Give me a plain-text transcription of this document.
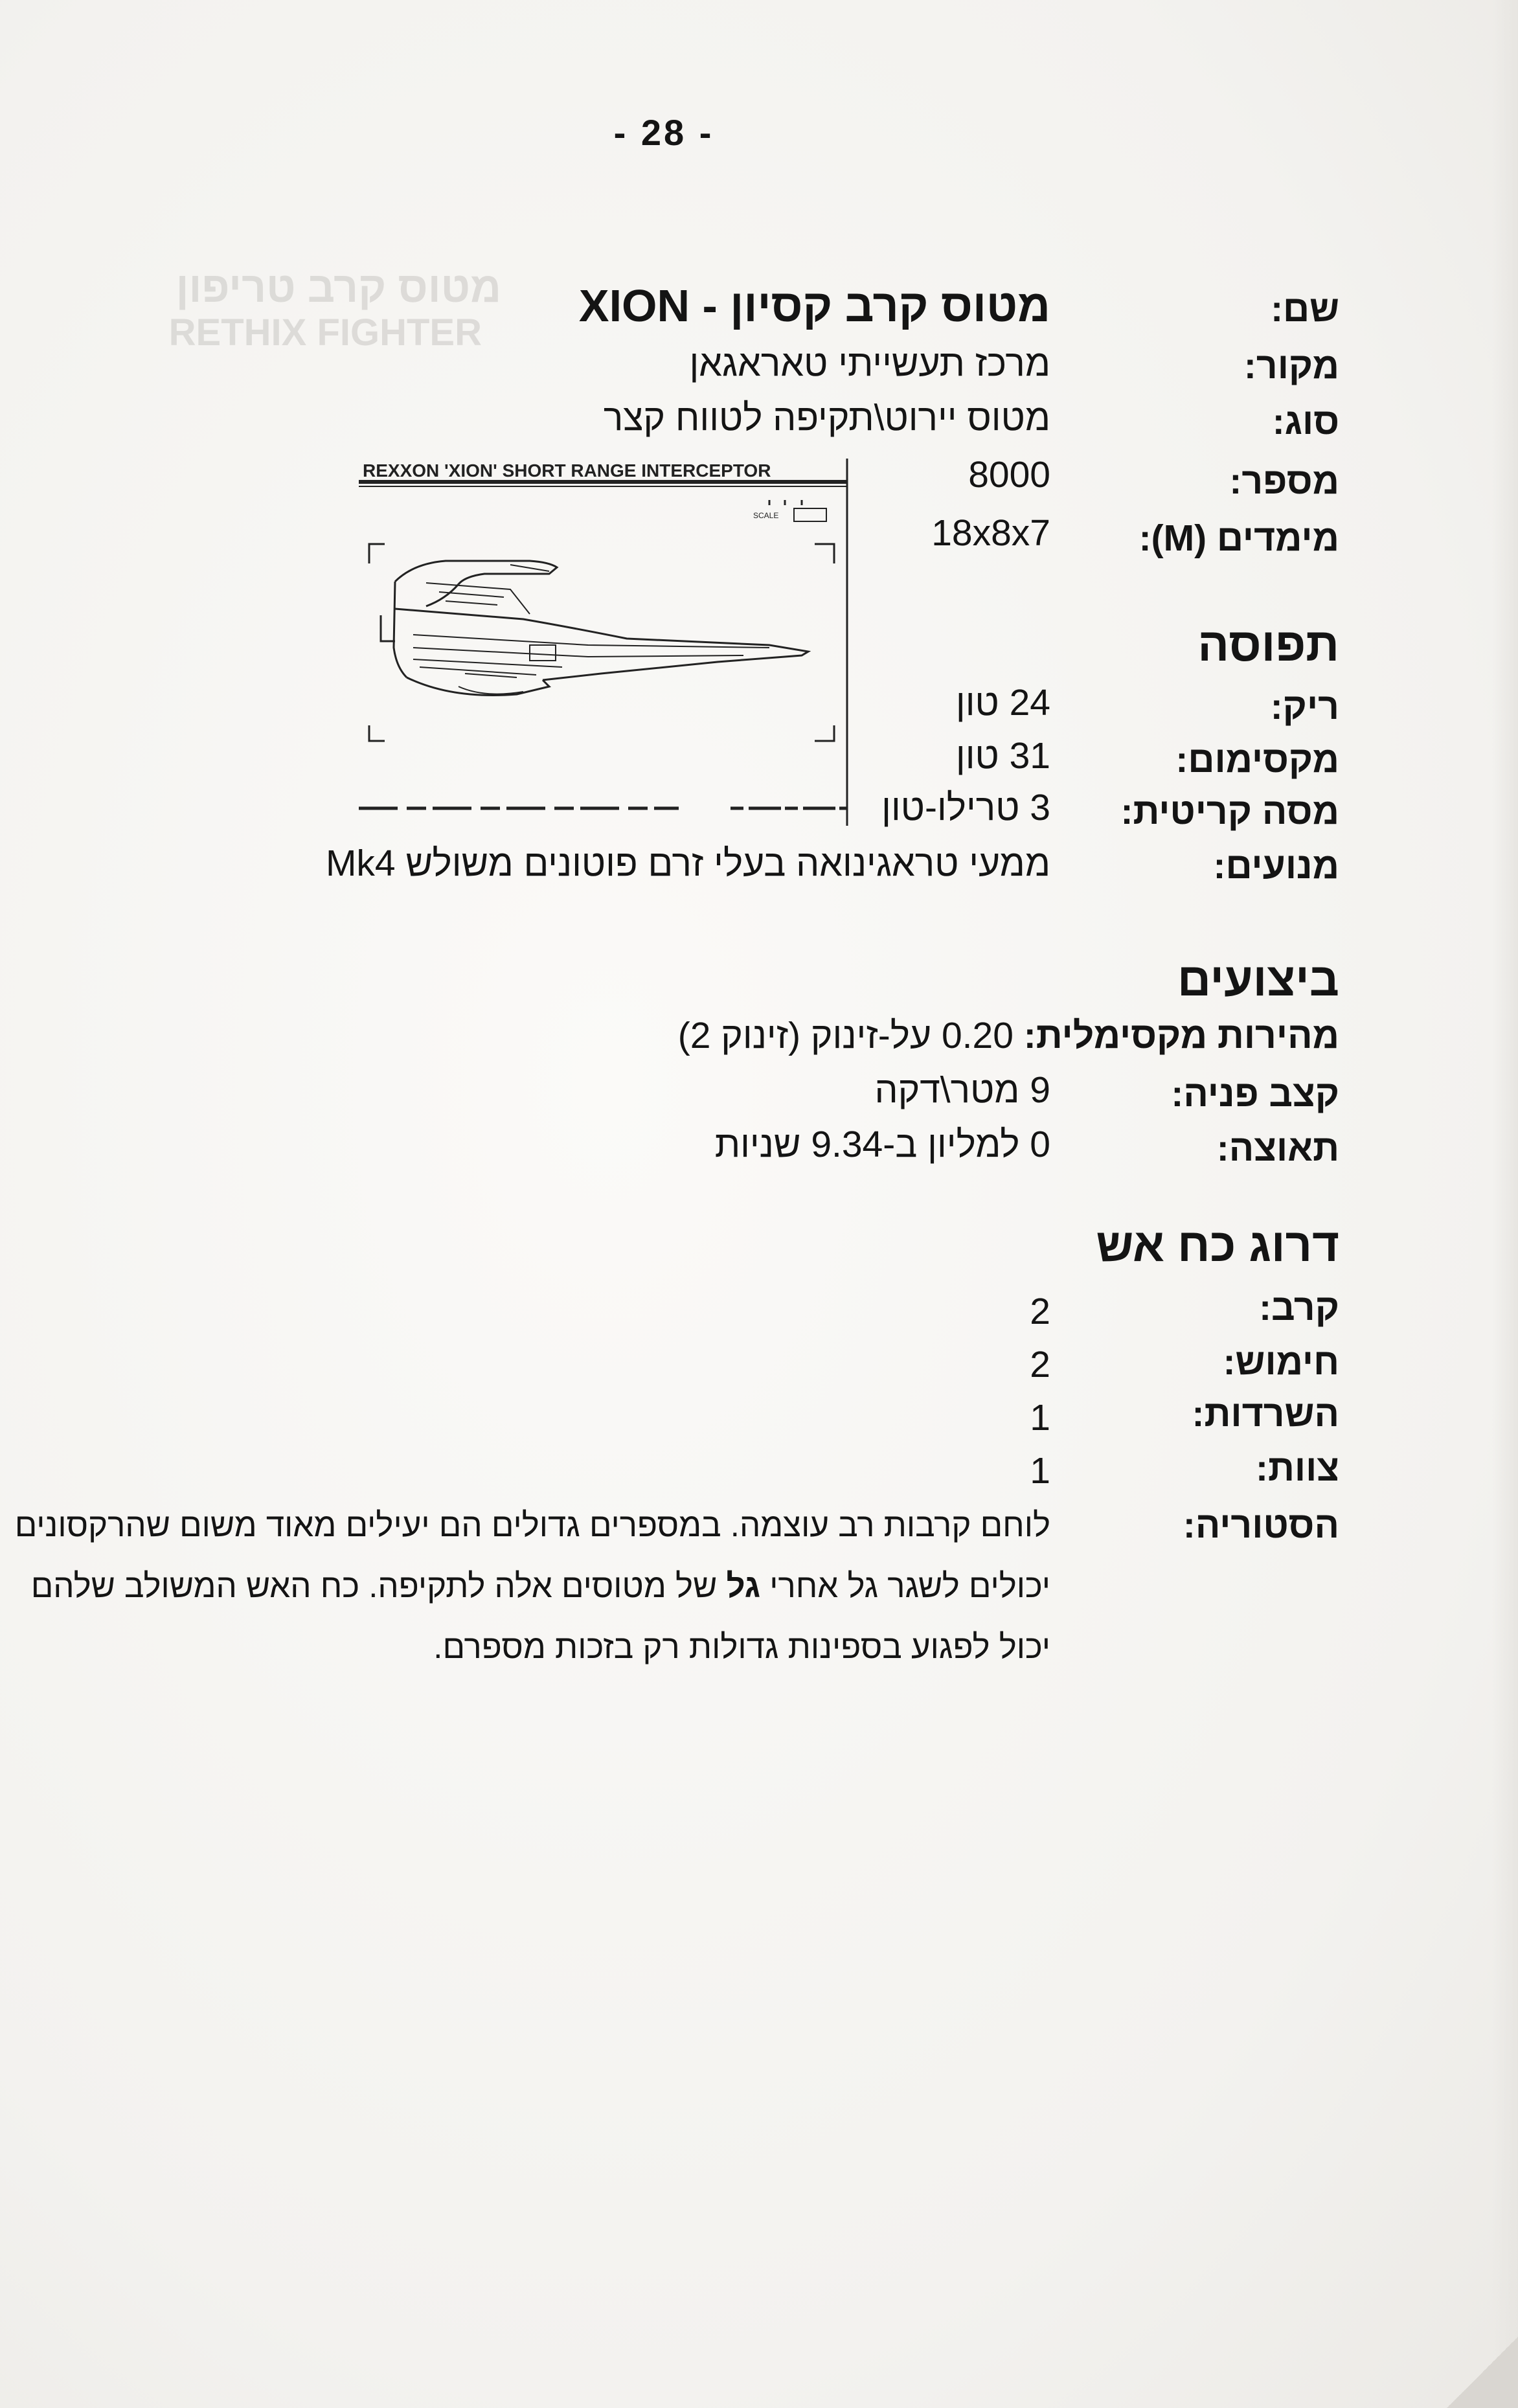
מטוס קרב טריפון
RETHIX FIGHTER
- 28 -
שם:
מטוס קרב קסיון - XION
מקור:
מרכז תעשייתי טאראגאן
סוג:
מטוס יירוט\תקיפה לטווח קצר
מספר:
8000
מימדים (M):
18x8x7
תפוסה
ריק:
24 טון
מקסימום:
31 טון
מסה קריטית:
3 טרילו-טון
מנועים:
ממעי טראגינואה בעלי זרם פוטונים משולש Mk4
REXXON 'XION' SHORT RANGE INTERCEPTOR
SCALE
ביצועים
מהירות מקסימלית: 0.20 על-זינוק (זינוק 2)
קצב פניה:
9 מטר\דקה
תאוצה:
0 למליון ב-9.34 שניות
דרוג כח אש
קרב:
2
חימוש:
2
השרדות:
1
צוות:
1
הסטוריה:
לוחם קרבות רב עוצמה. במספרים גדולים הם יעילים מאוד משום שהרקסונים יכולים לשגר גל אחרי גל של מטוסים אלה לתקיפה. כח האש המשולב שלהם יכול לפגוע בספינות גדולות רק בזכות מספרם.
